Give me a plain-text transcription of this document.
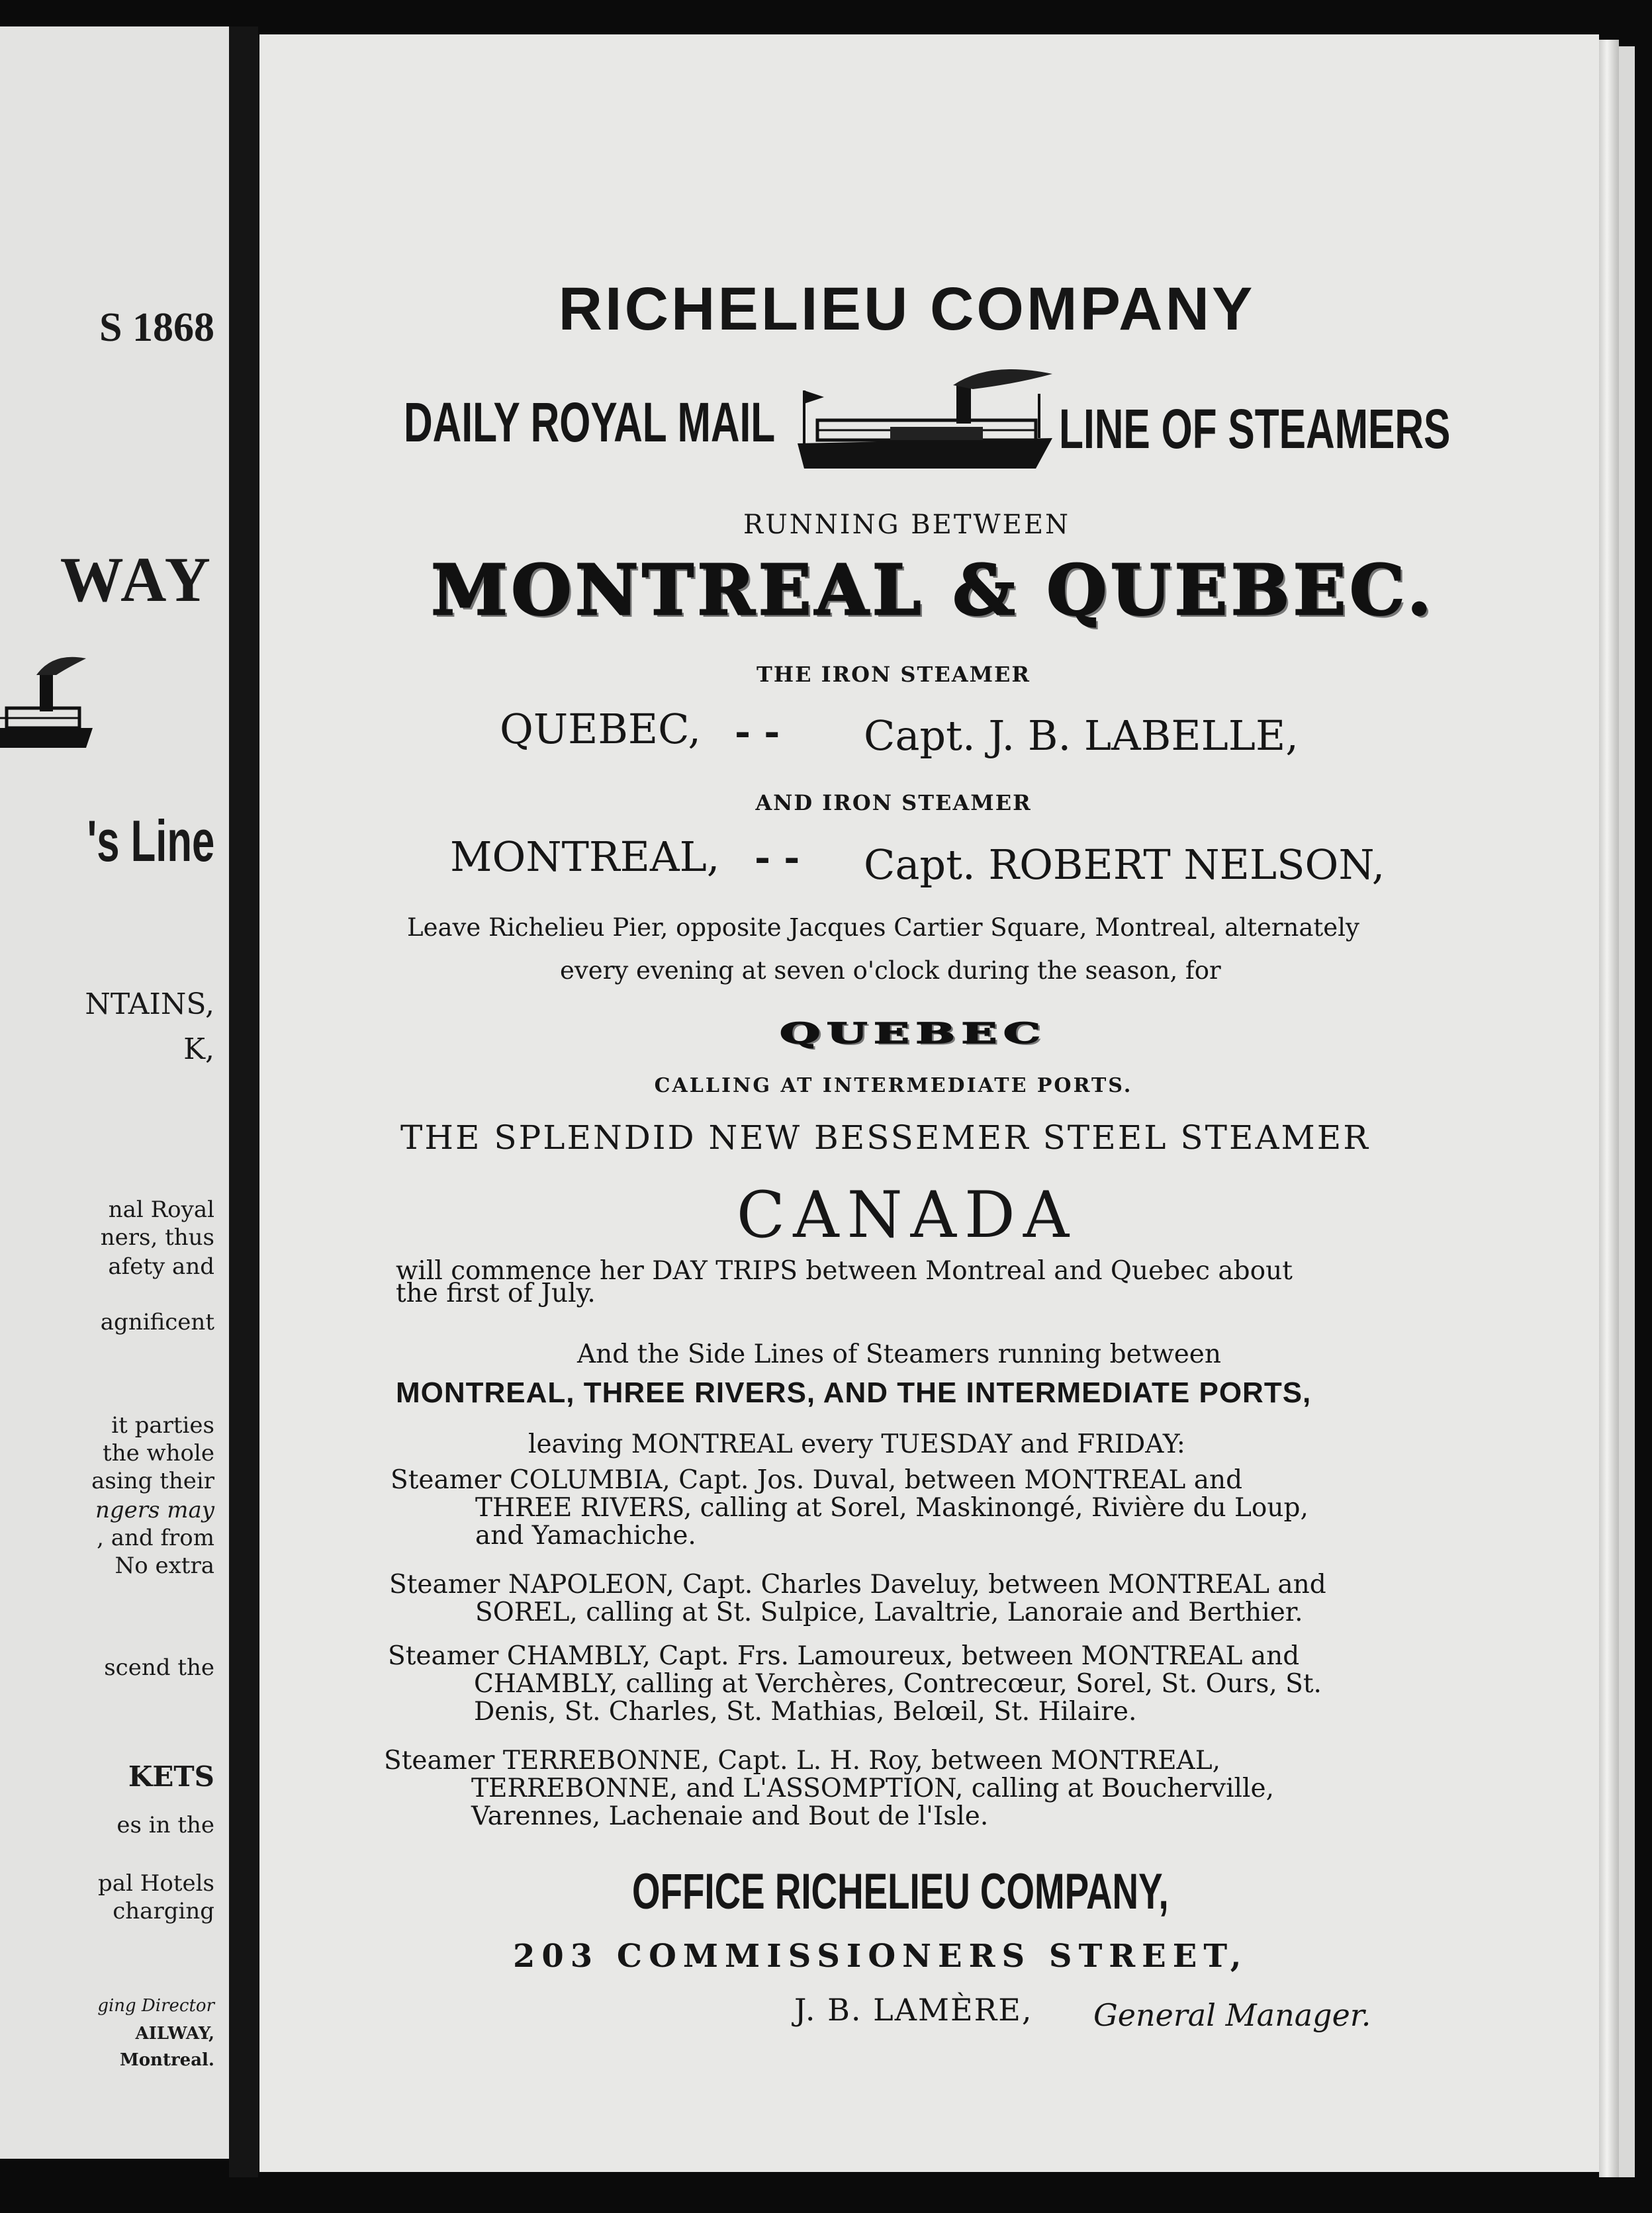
S 1868
WAY
's Line
NTAINS,
K,
nal Royal
ners, thus
afety and
agnificent
it parties
the whole
asing their
ngers may
, and from
No extra
scend the
KETS
es in the
pal Hotels
charging
ging Director
AILWAY,
Montreal.
RICHELIEU COMPANY
DAILY ROYAL MAIL	LINE OF STEAMERS
RUNNING BETWEEN
MONTREAL & QUEBEC.
THE IRON STEAMER
QUEBEC, - - Capt. J. B. LABELLE,
AND IRON STEAMER
MONTREAL, - - Capt. ROBERT NELSON,
Leave Richelieu Pier, opposite Jacques Cartier Square, Montreal, alternately
every evening at seven o'clock during the season, for
QUEBEC
CALLING AT INTERMEDIATE PORTS.
THE SPLENDID NEW BESSEMER STEEL STEAMER
CANADA
will commence her DAY TRIPS between Montreal and Quebec about
the first of July.
And the Side Lines of Steamers running between
MONTREAL, THREE RIVERS, AND THE INTERMEDIATE PORTS,
leaving MONTREAL every TUESDAY and FRIDAY:
Steamer COLUMBIA, Capt. Jos. Duval, between MONTREAL and
THREE RIVERS, calling at Sorel, Maskinongé, Rivière du Loup,
and Yamachiche.
Steamer NAPOLEON, Capt. Charles Daveluy, between MONTREAL and
SOREL, calling at St. Sulpice, Lavaltrie, Lanoraie and Berthier.
Steamer CHAMBLY, Capt. Frs. Lamoureux, between MONTREAL and
CHAMBLY, calling at Verchères, Contrecœur, Sorel, St. Ours, St.
Denis, St. Charles, St. Mathias, Belœil, St. Hilaire.
Steamer TERREBONNE, Capt. L. H. Roy, between MONTREAL,
TERREBONNE, and L'ASSOMPTION, calling at Boucherville,
Varennes, Lachenaie and Bout de l'Isle.
OFFICE RICHELIEU COMPANY,
203 COMMISSIONERS STREET,
J. B. LAMÈRE, General Manager.
